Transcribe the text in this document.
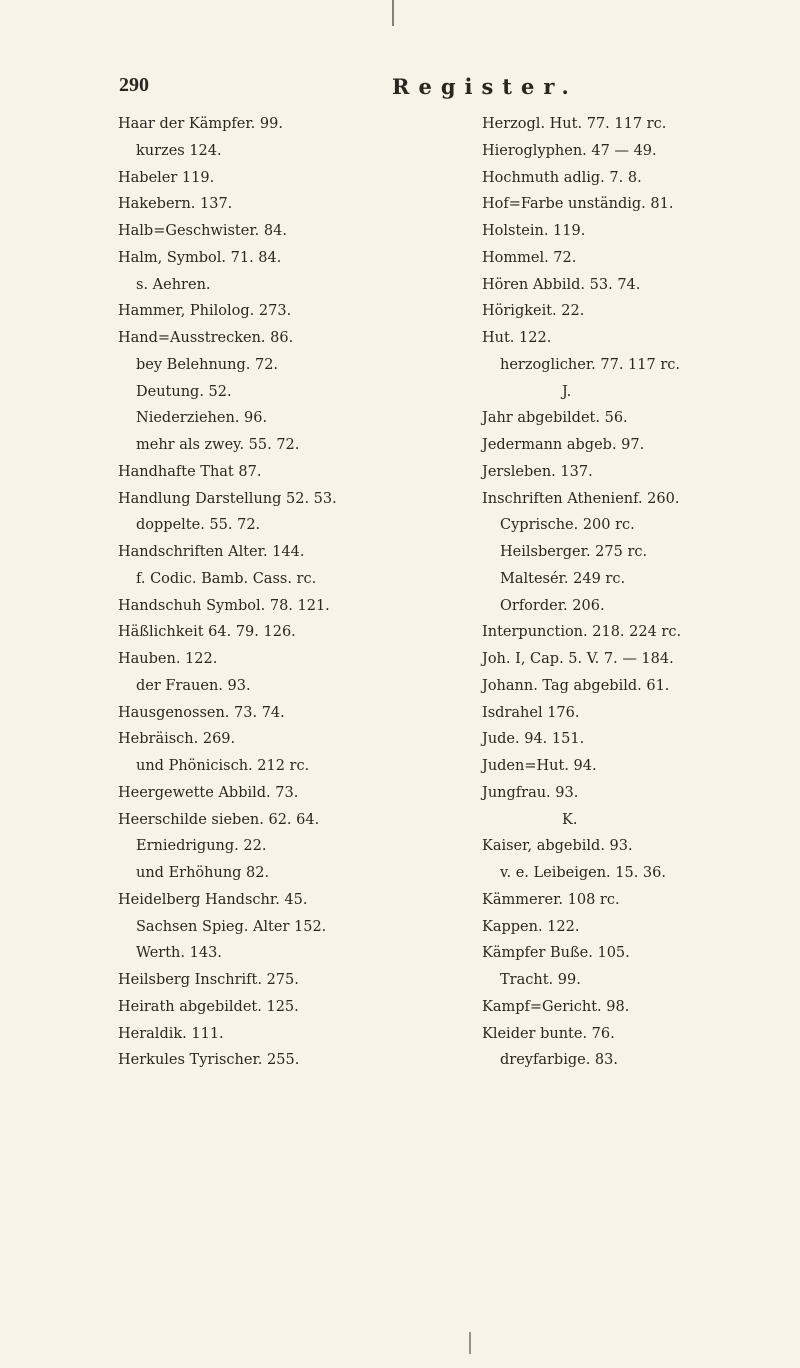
290	Register.
Haar der Kämpfer. 99.
kurzes 124.
Habeler 119.
Hakebern. 137.
Halb=Geschwister. 84.
Halm, Symbol. 71. 84.
s. Aehren.
Hammer, Philolog. 273.
Hand=Ausstrecken. 86.
bey Belehnung. 72.
Deutung. 52.
Niederziehen. 96.
mehr als zwey. 55. 72.
Handhafte That 87.
Handlung Darstellung 52. 53.
doppelte. 55. 72.
Handschriften Alter. 144.
f. Codic. Bamb. Cass. rc.
Handschuh Symbol. 78. 121.
Häßlichkeit 64. 79. 126.
Hauben. 122.
der Frauen. 93.
Hausgenossen. 73. 74.
Hebräisch. 269.
und Phönicisch. 212 rc.
Heergewette Abbild. 73.
Heerschilde sieben. 62. 64.
Erniedrigung. 22.
und Erhöhung 82.
Heidelberg Handschr. 45.
Sachsen Spieg. Alter 152.
Werth. 143.
Heilsberg Inschrift. 275.
Heirath abgebildet. 125.
Heraldik. 111.
Herkules Tyrischer. 255.
Herzogl. Hut. 77. 117 rc.
Hieroglyphen. 47 — 49.
Hochmuth adlig. 7. 8.
Hof=Farbe unständig. 81.
Holstein. 119.
Hommel. 72.
Hören Abbild. 53. 74.
Hörigkeit. 22.
Hut. 122.
herzoglicher. 77. 117 rc.
J.
Jahr abgebildet. 56.
Jedermann abgeb. 97.
Jersleben. 137.
Inschriften Athenienf. 260.
Cyprische. 200 rc.
Heilsberger. 275 rc.
Maltesér. 249 rc.
Orforder. 206.
Interpunction. 218. 224 rc.
Joh. I, Cap. 5. V. 7. — 184.
Johann. Tag abgebild. 61.
Isdrahel 176.
Jude. 94. 151.
Juden=Hut. 94.
Jungfrau. 93.
K.
Kaiser, abgebild. 93.
v. e. Leibeigen. 15. 36.
Kämmerer. 108 rc.
Kappen. 122.
Kämpfer Buße. 105.
Tracht. 99.
Kampf=Gericht. 98.
Kleider bunte. 76.
dreyfarbige. 83.
